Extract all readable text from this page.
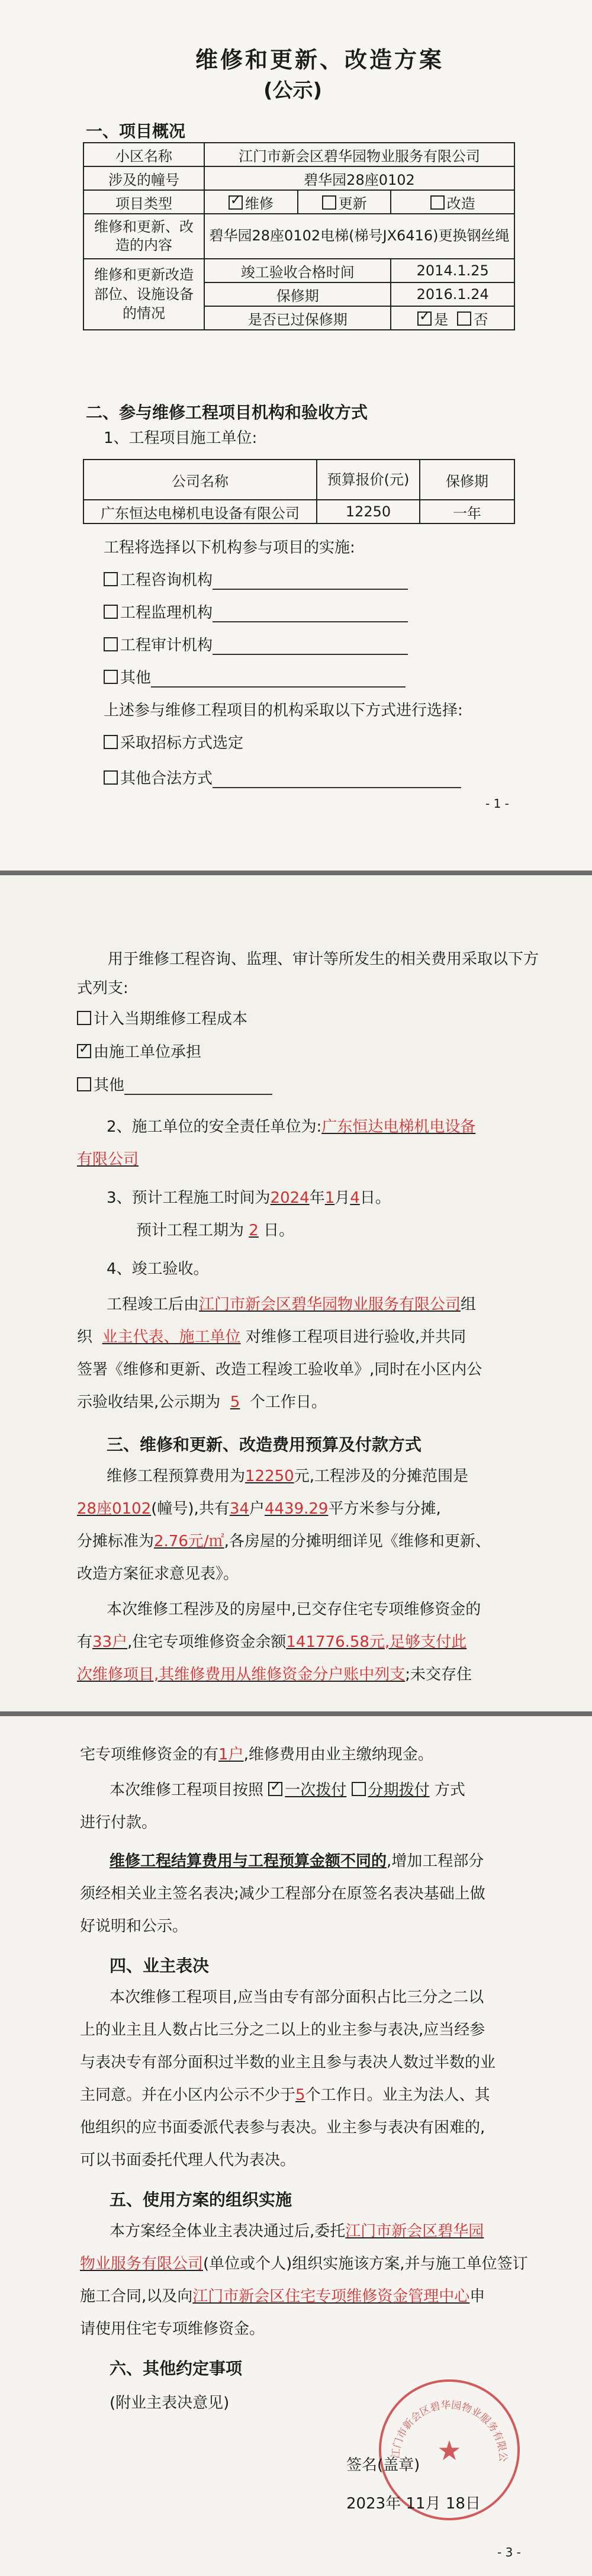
维修和更新、改造方案
(公示)
一、项目概况
小区名称	江门市新会区碧华园物业服务有限公司		
涉及的幢号	碧华园28座0102		
项目类型	✓维修	更新	改造
维修和更新、改造的内容	碧华园28座0102电梯(梯号JX6416)更换钢丝绳		
维修和更新改造部位、设施设备的情况	竣工验收合格时间		2014.1.25
	保修期		2016.1.24
	是否已过保修期	✓是 否
二、参与维修工程项目机构和验收方式
1、工程项目施工单位:
公司名称	预算报价(元)	保修期
广东恒达电梯机电设备有限公司	12250	一年
工程将选择以下机构参与项目的实施:
工程咨询机构
工程监理机构
工程审计机构
其他
上述参与维修工程项目的机构采取以下方式进行选择:
采取招标方式选定
其他合法方式
- 1 -
用于维修工程咨询、监理、审计等所发生的相关费用采取以下方式列支:
计入当期维修工程成本
✓由施工单位承担
其他
2、施工单位的安全责任单位为:广东恒达电梯机电设备
有限公司
3、预计工程施工时间为2024年1月4日。
预计工程工期为 2 日。
4、竣工验收。
工程竣工后由江门市新会区碧华园物业服务有限公司组
织 业主代表、施工单位 对维修工程项目进行验收,并共同
签署《维修和更新、改造工程竣工验收单》,同时在小区内公
示验收结果,公示期为 5 个工作日。
三、维修和更新、改造费用预算及付款方式
维修工程预算费用为12250元,工程涉及的分摊范围是
28座0102(幢号),共有34户4439.29平方米参与分摊,
分摊标准为2.76元/㎡,各房屋的分摊明细详见《维修和更新、
改造方案征求意见表》。
本次维修工程涉及的房屋中,已交存住宅专项维修资金的
有33户,住宅专项维修资金余额141776.58元,足够支付此
次维修项目,其维修费用从维修资金分户账中列支;未交存住
宅专项维修资金的有1户,维修费用由业主缴纳现金。
本次维修工程项目按照 ✓ 一次拨付 分期拨付 方式
进行付款。
维修工程结算费用与工程预算金额不同的,增加工程部分
须经相关业主签名表决;减少工程部分在原签名表决基础上做
好说明和公示。
四、业主表决
本次维修工程项目,应当由专有部分面积占比三分之二以
上的业主且人数占比三分之二以上的业主参与表决,应当经参
与表决专有部分面积过半数的业主且参与表决人数过半数的业
主同意。并在小区内公示不少于5个工作日。业主为法人、其
他组织的应书面委派代表参与表决。业主参与表决有困难的,
可以书面委托代理人代为表决。
五、使用方案的组织实施
本方案经全体业主表决通过后,委托江门市新会区碧华园
物业服务有限公司(单位或个人)组织实施该方案,并与施工单位签订
施工合同,以及向江门市新会区住宅专项维修资金管理中心申
请使用住宅专项维修资金。
六、其他约定事项
(附业主表决意见)
江门市新会区碧华园物业服务有限公
★
签名(盖章)
2023年 11月 18日
- 3 -
